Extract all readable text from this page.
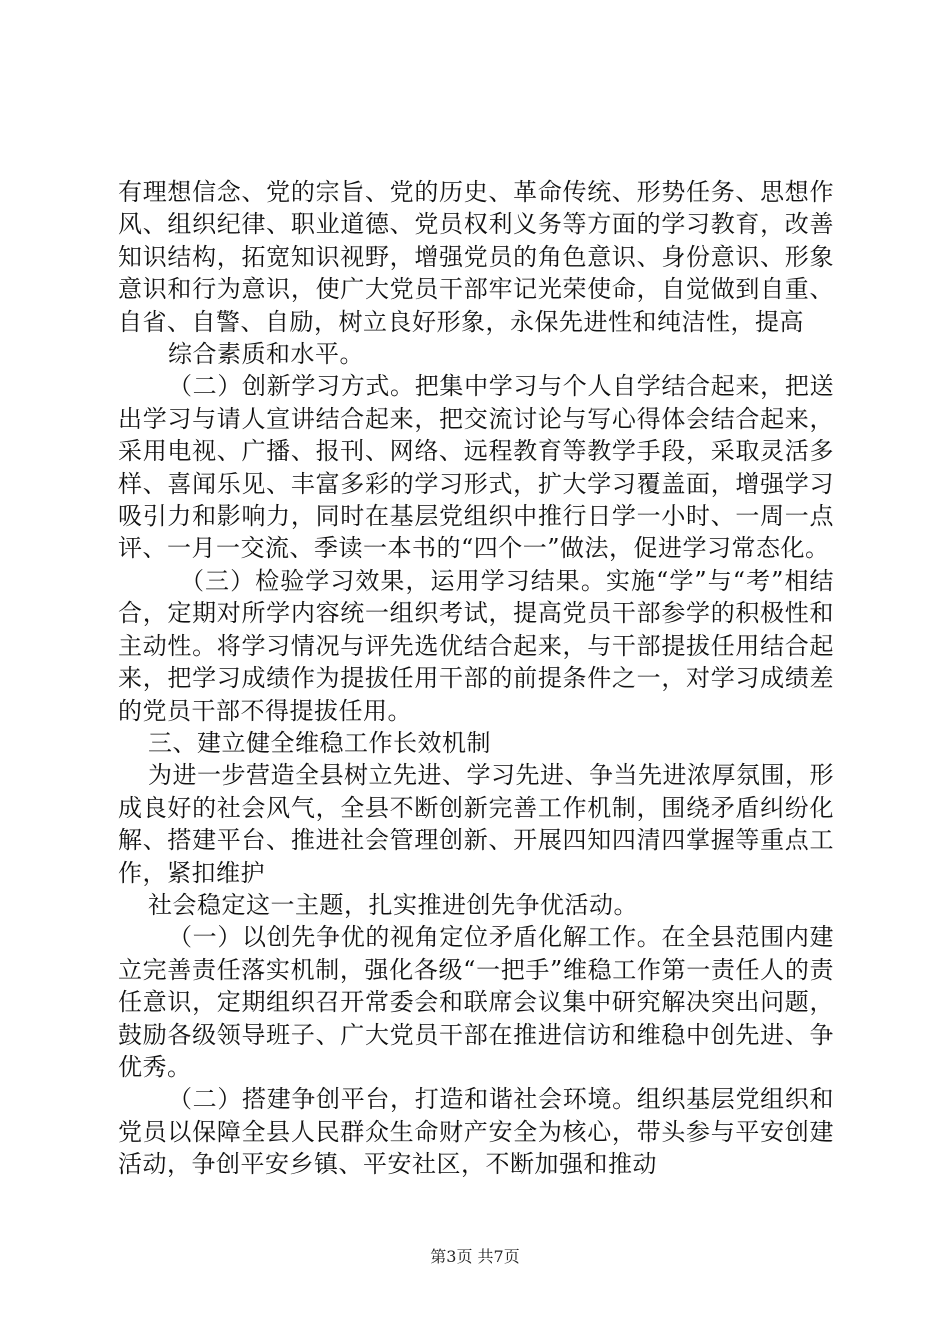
有理想信念、党的宗旨、党的历史、革命传统、形势任务、思想作风、组织纪律、职业道德、党员权利义务等方面的学习教育，改善知识结构，拓宽知识视野，增强党员的角色意识、身份意识、形象意识和行为意识，使广大党员干部牢记光荣使命，自觉做到自重、自省、自警、自励，树立良好形象，永保先进性和纯洁性，提高

综合素质和水平。

（二）创新学习方式。把集中学习与个人自学结合起来，把送出学习与请人宣讲结合起来，把交流讨论与写心得体会结合起来，采用电视、广播、报刊、网络、远程教育等教学手段，采取灵活多样、喜闻乐见、丰富多彩的学习形式，扩大学习覆盖面，增强学习吸引力和影响力，同时在基层党组织中推行日学一小时、一周一点评、一月一交流、季读一本书的“四个一”做法，促进学习常态化。

（三）检验学习效果，运用学习结果。实施“学”与“考”相结合，定期对所学内容统一组织考试，提高党员干部参学的积极性和主动性。将学习情况与评先选优结合起来，与干部提拔任用结合起来，把学习成绩作为提拔任用干部的前提条件之一，对学习成绩差的党员干部不得提拔任用。

三、建立健全维稳工作长效机制

为进一步营造全县树立先进、学习先进、争当先进浓厚氛围，形成良好的社会风气，全县不断创新完善工作机制，围绕矛盾纠纷化解、搭建平台、推进社会管理创新、开展四知四清四掌握等重点工作，紧扣维护

社会稳定这一主题，扎实推进创先争优活动。

（一）以创先争优的视角定位矛盾化解工作。在全县范围内建立完善责任落实机制，强化各级“一把手”维稳工作第一责任人的责任意识，定期组织召开常委会和联席会议集中研究解决突出问题，鼓励各级领导班子、广大党员干部在推进信访和维稳中创先进、争优秀。

（二）搭建争创平台，打造和谐社会环境。组织基层党组织和党员以保障全县人民群众生命财产安全为核心，带头参与平安创建活动，争创平安乡镇、平安社区，不断加强和推动

第3页 共7页
